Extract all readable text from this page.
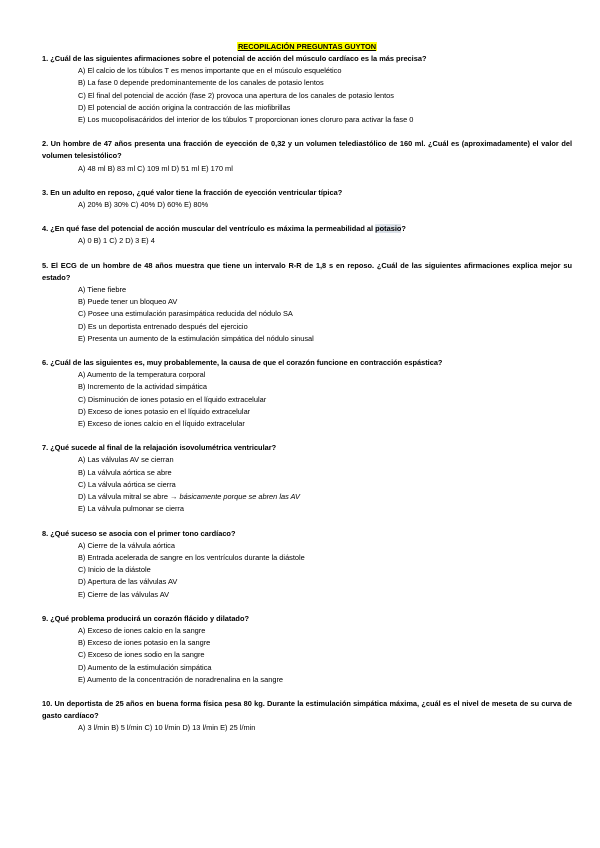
RECOPILACIÓN PREGUNTAS GUYTON
1. ¿Cuál de las siguientes afirmaciones sobre el potencial de acción del músculo cardíaco es la más precisa?
A) El calcio de los túbulos T es menos importante que en el músculo esquelético
B) La fase 0 depende predominantemente de los canales de potasio lentos
C) El final del potencial de acción (fase 2) provoca una apertura de los canales de potasio lentos
D) El potencial de acción origina la contracción de las miofibrillas
E) Los mucopolisacáridos del interior de los túbulos T proporcionan iones cloruro para activar la fase 0
2. Un hombre de 47 años presenta una fracción de eyección de 0,32 y un volumen telediastólico de 160 ml. ¿Cuál es (aproximadamente) el valor del volumen telesistólico?
A) 48 ml B) 83 ml C) 109 ml D) 51 ml E) 170 ml
3. En un adulto en reposo, ¿qué valor tiene la fracción de eyección ventricular típica?
A) 20% B) 30% C) 40% D) 60% E) 80%
4. ¿En qué fase del potencial de acción muscular del ventrículo es máxima la permeabilidad al potasio?
A) 0 B) 1 C) 2 D) 3 E) 4
5. El ECG de un hombre de 48 años muestra que tiene un intervalo R-R de 1,8 s en reposo. ¿Cuál de las siguientes afirmaciones explica mejor su estado?
A) Tiene fiebre
B) Puede tener un bloqueo AV
C) Posee una estimulación parasimpática reducida del nódulo SA
D) Es un deportista entrenado después del ejercicio
E) Presenta un aumento de la estimulación simpática del nódulo sinusal
6. ¿Cuál de las siguientes es, muy probablemente, la causa de que el corazón funcione en contracción espástica?
A) Aumento de la temperatura corporal
B) Incremento de la actividad simpática
C) Disminución de iones potasio en el líquido extracelular
D) Exceso de iones potasio en el líquido extracelular
E) Exceso de iones calcio en el líquido extracelular
7. ¿Qué sucede al final de la relajación isovolumétrica ventricular?
A) Las válvulas AV se cierran
B) La válvula aórtica se abre
C) La válvula aórtica se cierra
D) La válvula mitral se abre → básicamente porque se abren las AV
E) La válvula pulmonar se cierra
8. ¿Qué suceso se asocia con el primer tono cardíaco?
A) Cierre de la válvula aórtica
B) Entrada acelerada de sangre en los ventrículos durante la diástole
C) Inicio de la diástole
D) Apertura de las válvulas AV
E) Cierre de las válvulas AV
9. ¿Qué problema producirá un corazón flácido y dilatado?
A) Exceso de iones calcio en la sangre
B) Exceso de iones potasio en la sangre
C) Exceso de iones sodio en la sangre
D) Aumento de la estimulación simpática
E) Aumento de la concentración de noradrenalina en la sangre
10. Un deportista de 25 años en buena forma física pesa 80 kg. Durante la estimulación simpática máxima, ¿cuál es el nivel de meseta de su curva de gasto cardíaco?
A) 3 l/min B) 5 l/min C) 10 l/min D) 13 l/min E) 25 l/min
